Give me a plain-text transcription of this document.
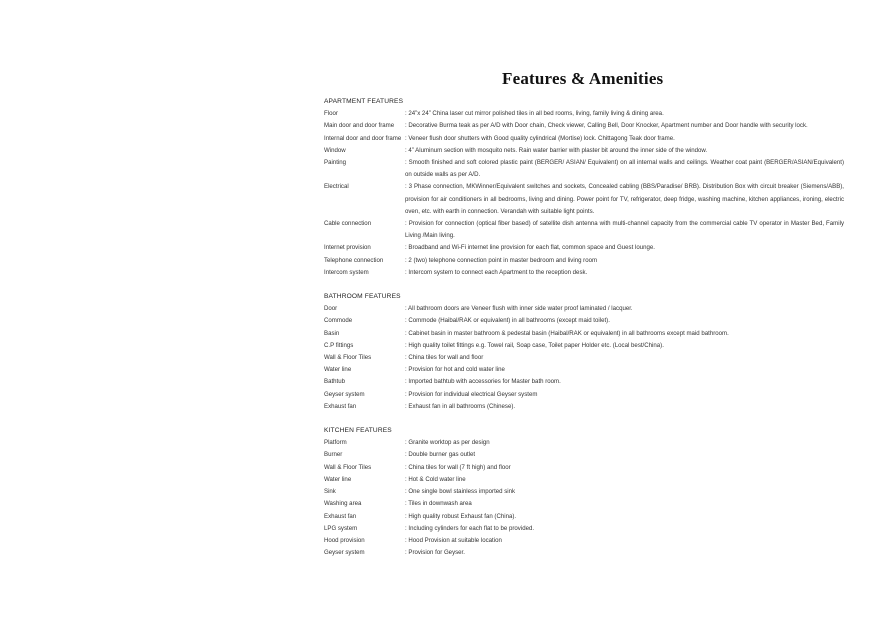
Features & Amenities
APARTMENT FEATURES
Floor	: 24”x 24” China laser cut mirror polished tiles in all bed rooms, living, family living & dining area.
Main door and door frame	: Decorative Burma teak as per A/D with Door chain, Check viewer, Calling Bell, Door Knocker, Apartment number and Door handle with security lock.
Internal door and door frame : Veneer flush door shutters with Good quality cylindrical (Mortise) lock. Chittagong Teak door frame.
Window	: 4” Aluminum section with mosquito nets. Rain water barrier with plaster bit around the inner side of the window.
Painting	: Smooth finished and soft colored plastic paint (BERGER/ ASIAN/ Equivalent) on all internal walls and ceilings. Weather coat paint (BERGER/ASIAN/Equivalent) on outside walls as per A/D.
Electrical	: 3 Phase connection, MKWinner/Equivalent switches and sockets, Concealed cabling (BBS/Paradise/ BRB). Distribution Box with circuit breaker (Siemens/ABB), provision for air conditioners in all bedrooms, living and dining. Power point for TV, refrigerator, deep fridge, washing machine, kitchen appliances, ironing, electric oven, etc. with earth in connection. Verandah with suitable light points.
Cable connection	: Provision for connection (optical fiber based) of satellite dish antenna with multi-channel capacity from the commercial cable TV operator in Master Bed, Family Living /Main living.
Internet provision	: Broadband and Wi-Fi internet line provision for each flat, common space and Guest lounge.
Telephone connection	: 2 (two) telephone connection point in master bedroom and living room
Intercom system	: Intercom system to connect each Apartment to the reception desk.
BATHROOM FEATURES
Door	: All bathroom doors are Veneer flush with inner side water proof laminated / lacquer.
Commode	: Commode (Haibal/RAK or equivalent) in all bathrooms (except maid toilet).
Basin	: Cabinet basin in master bathroom & pedestal basin (Haibal/RAK or equivalent) in all bathrooms except maid bathroom.
C.P fittings	: High quality toilet fittings e.g. Towel rail, Soap case, Toilet paper Holder etc. (Local best/China).
Wall & Floor Tiles	: China tiles for wall and floor
Water line	: Provision for hot and cold water line
Bathtub	: Imported bathtub with accessories for Master bath room.
Geyser system	: Provision for individual electrical Geyser system
Exhaust fan	: Exhaust fan in all bathrooms (Chinese).
KITCHEN FEATURES
Platform	: Granite worktop as per design
Burner	: Double burner gas outlet
Wall & Floor Tiles	: China tiles for wall (7 ft high) and floor
Water line	: Hot & Cold water line
Sink	: One single bowl stainless imported sink
Washing area	: Tiles in downwash area
Exhaust fan	: High quality robust Exhaust fan (China).
LPG system	: Including cylinders for each flat to be provided.
Hood provision	: Hood Provision at suitable location
Geyser system	: Provision for Geyser.
